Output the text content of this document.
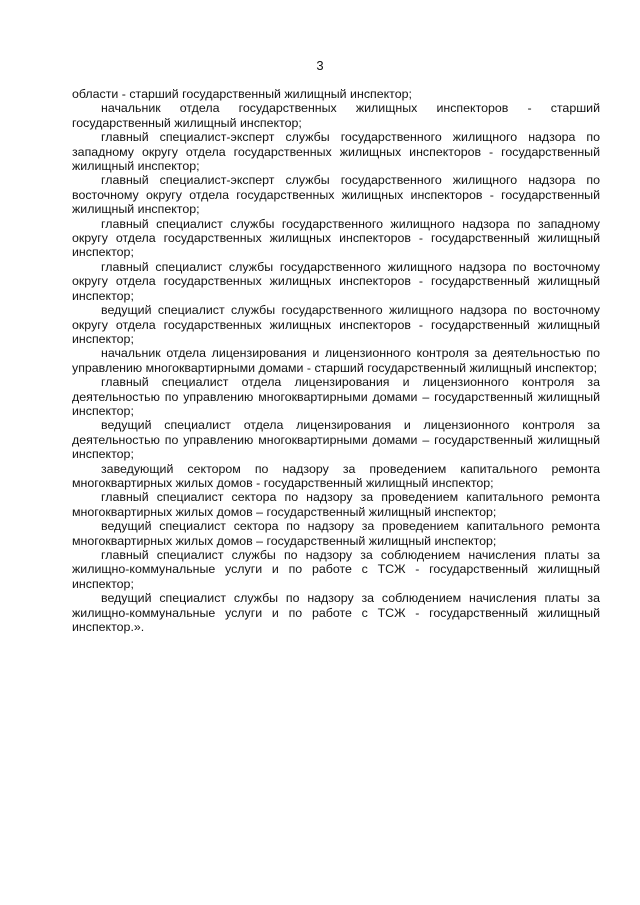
3

области - старший государственный жилищный инспектор;

начальник отдела государственных жилищных инспекторов - старший государственный жилищный инспектор;

главный специалист-эксперт службы государственного жилищного надзора по западному округу отдела государственных жилищных инспекторов - государственный жилищный инспектор;

главный специалист-эксперт службы государственного жилищного надзора по восточному округу отдела государственных жилищных инспекторов - государственный жилищный инспектор;

главный специалист службы государственного жилищного надзора по западному округу отдела государственных жилищных инспекторов - государственный жилищный инспектор;

главный специалист службы государственного жилищного надзора по восточному округу отдела государственных жилищных инспекторов - государственный жилищный инспектор;

ведущий специалист службы государственного жилищного надзора по восточному округу отдела государственных жилищных инспекторов - государственный жилищный инспектор;

начальник отдела лицензирования и лицензионного контроля за деятельностью по управлению многоквартирными домами - старший государственный жилищный инспектор;

главный специалист отдела лицензирования и лицензионного контроля за деятельностью по управлению многоквартирными домами – государственный жилищный инспектор;

ведущий специалист отдела лицензирования и лицензионного контроля за деятельностью по управлению многоквартирными домами – государственный жилищный инспектор;

заведующий сектором по надзору за проведением капитального ремонта многоквартирных жилых домов - государственный жилищный инспектор;

главный специалист сектора по надзору за проведением капитального ремонта многоквартирных жилых домов – государственный жилищный инспектор;

ведущий специалист сектора по надзору за проведением капитального ремонта многоквартирных жилых домов – государственный жилищный инспектор;

главный специалист службы по надзору за соблюдением начисления платы за жилищно-коммунальные услуги и по работе с ТСЖ - государственный жилищный инспектор;

ведущий специалист службы по надзору за соблюдением начисления платы за жилищно-коммунальные услуги и по работе с ТСЖ - государственный жилищный инспектор.».
